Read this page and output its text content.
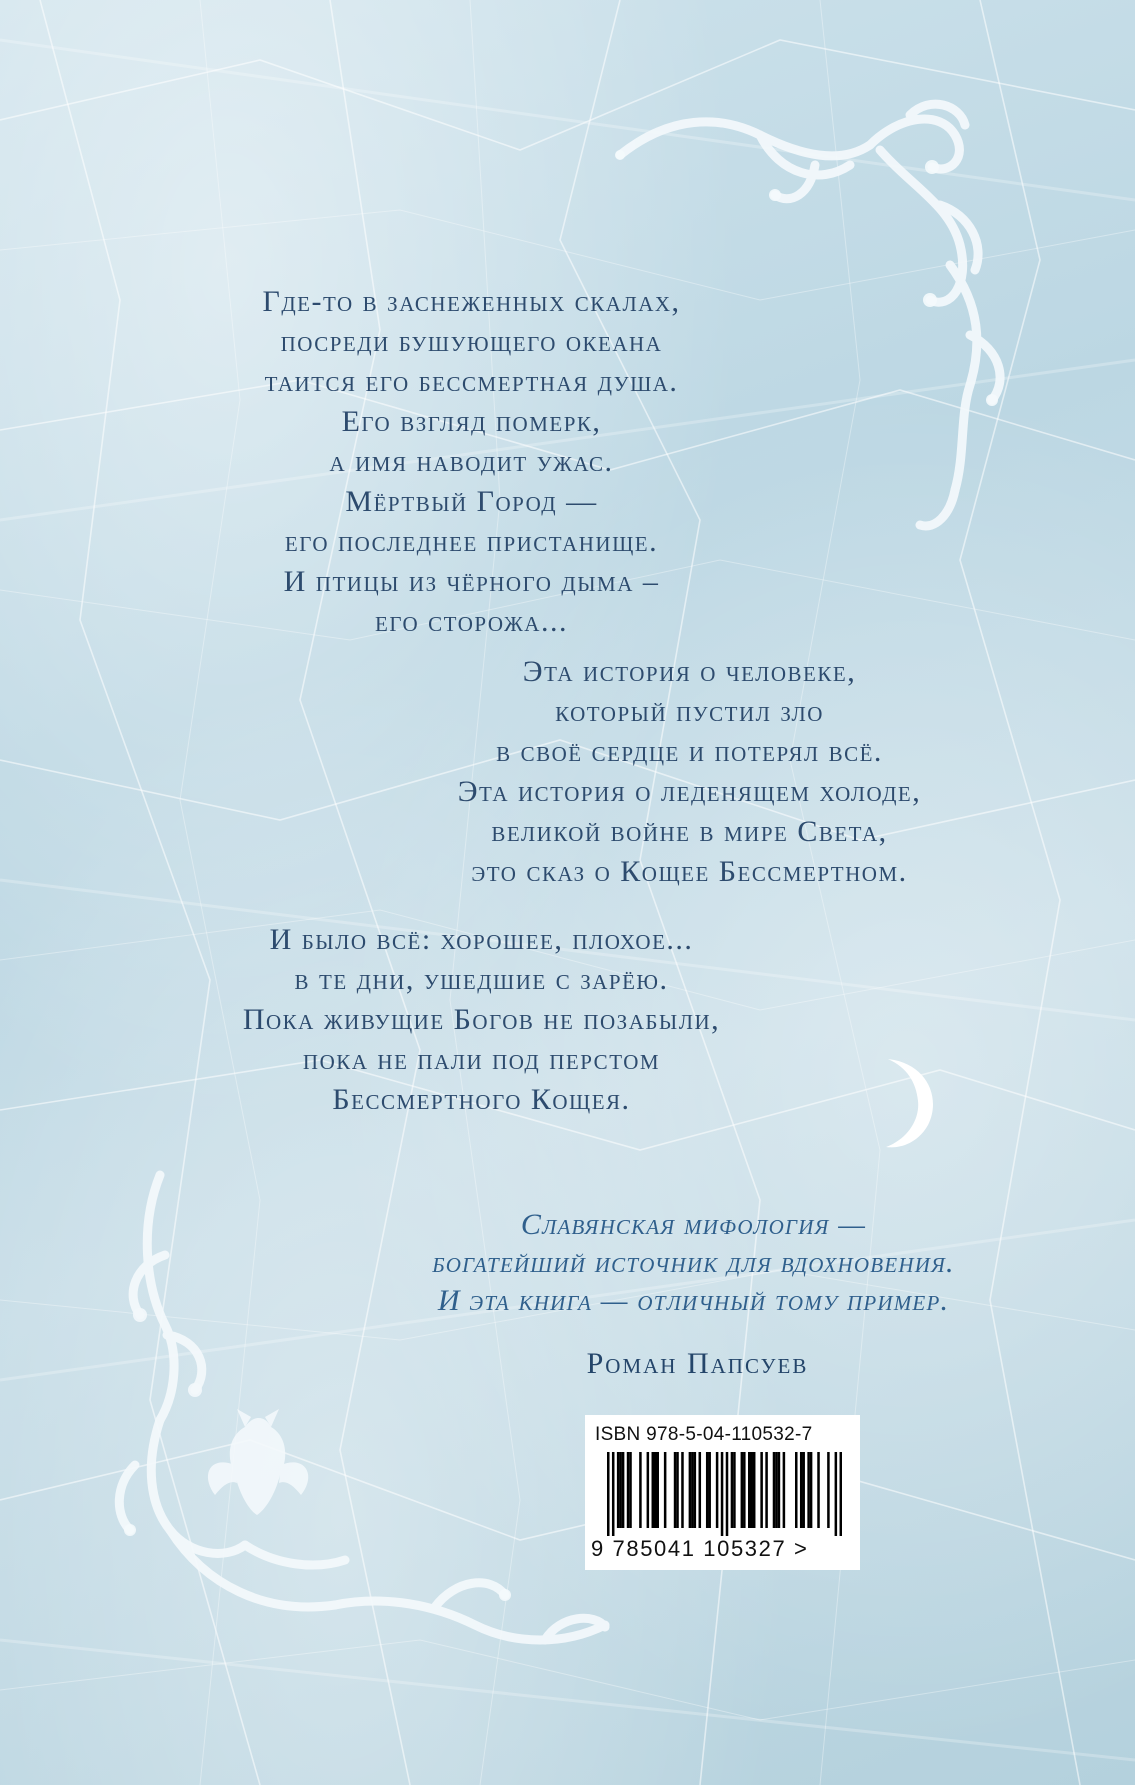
Где-то в заснеженных скалах,
посреди бушующего океана
таится его бессмертная душа.
Его взгляд померк,
а имя наводит ужас.
Мёртвый Город —
его последнее пристанище.
И птицы из чёрного дыма –
его сторожа...
Эта история о человеке,
который пустил зло
в своё сердце и потерял всё.
Эта история о леденящем холоде,
великой войне в мире Света,
это сказ о Кощее Бессмертном.
И было всё: хорошее, плохое...
в те дни, ушедшие с зарёю.
Пока живущие Богов не позабыли,
пока не пали под перстом
Бессмертного Кощея.
Славянская мифология —
богатейший источник для вдохновения.
И эта книга — отличный тому пример.
Роман Папсуев
ISBN 978-5-04-110532-7
9 785041 105327 >
